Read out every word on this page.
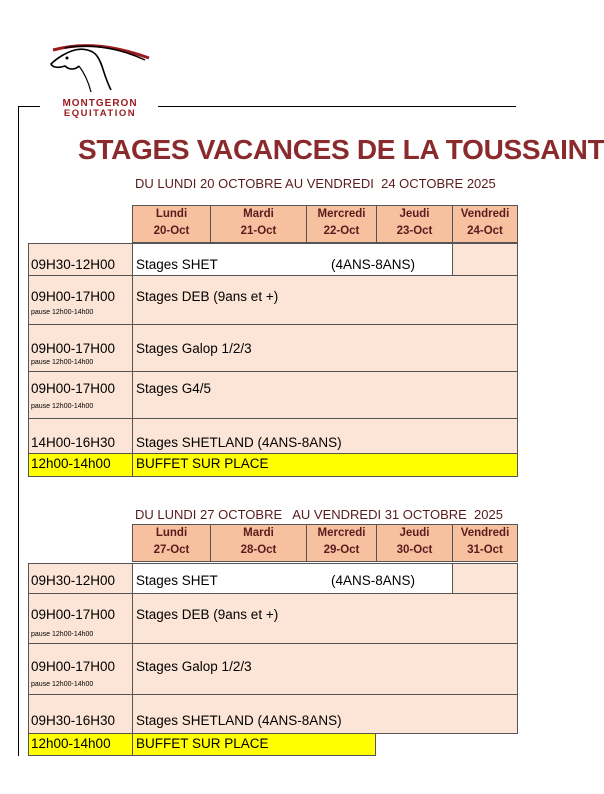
MONTGERON
EQUITATION
STAGES VACANCES DE LA TOUSSAINT
DU LUNDI 20 OCTOBRE AU VENDREDI  24 OCTOBRE 2025
Lundi
20-Oct
Mardi
21-Oct
Mercredi
22-Oct
Jeudi
23-Oct
Vendredi
24-Oct
09H30-12H00 Stages SHET	(4ANS-8ANS)
09H00-17H00
pause 12h00-14h00
Stages DEB (9ans et +)
09H00-17H00
pause 12h00-14h00
Stages Galop 1/2/3
09H00-17H00
pause 12h00-14h00
Stages G4/5
14H00-16H30 Stages SHETLAND (4ANS-8ANS)
12h00-14h00 BUFFET SUR PLACE
DU LUNDI 27 OCTOBRE   AU VENDREDI 31 OCTOBRE  2025
Lundi
27-Oct
Mardi
28-Oct
Mercredi
29-Oct
Jeudi
30-Oct
Vendredi
31-Oct
09H30-12H00 Stages SHET	(4ANS-8ANS)
09H00-17H00
pause 12h00-14h00
Stages DEB (9ans et +)
09H00-17H00
pause 12h00-14h00
Stages Galop 1/2/3
09H30-16H30 Stages SHETLAND (4ANS-8ANS)
12h00-14h00 BUFFET SUR PLACE
